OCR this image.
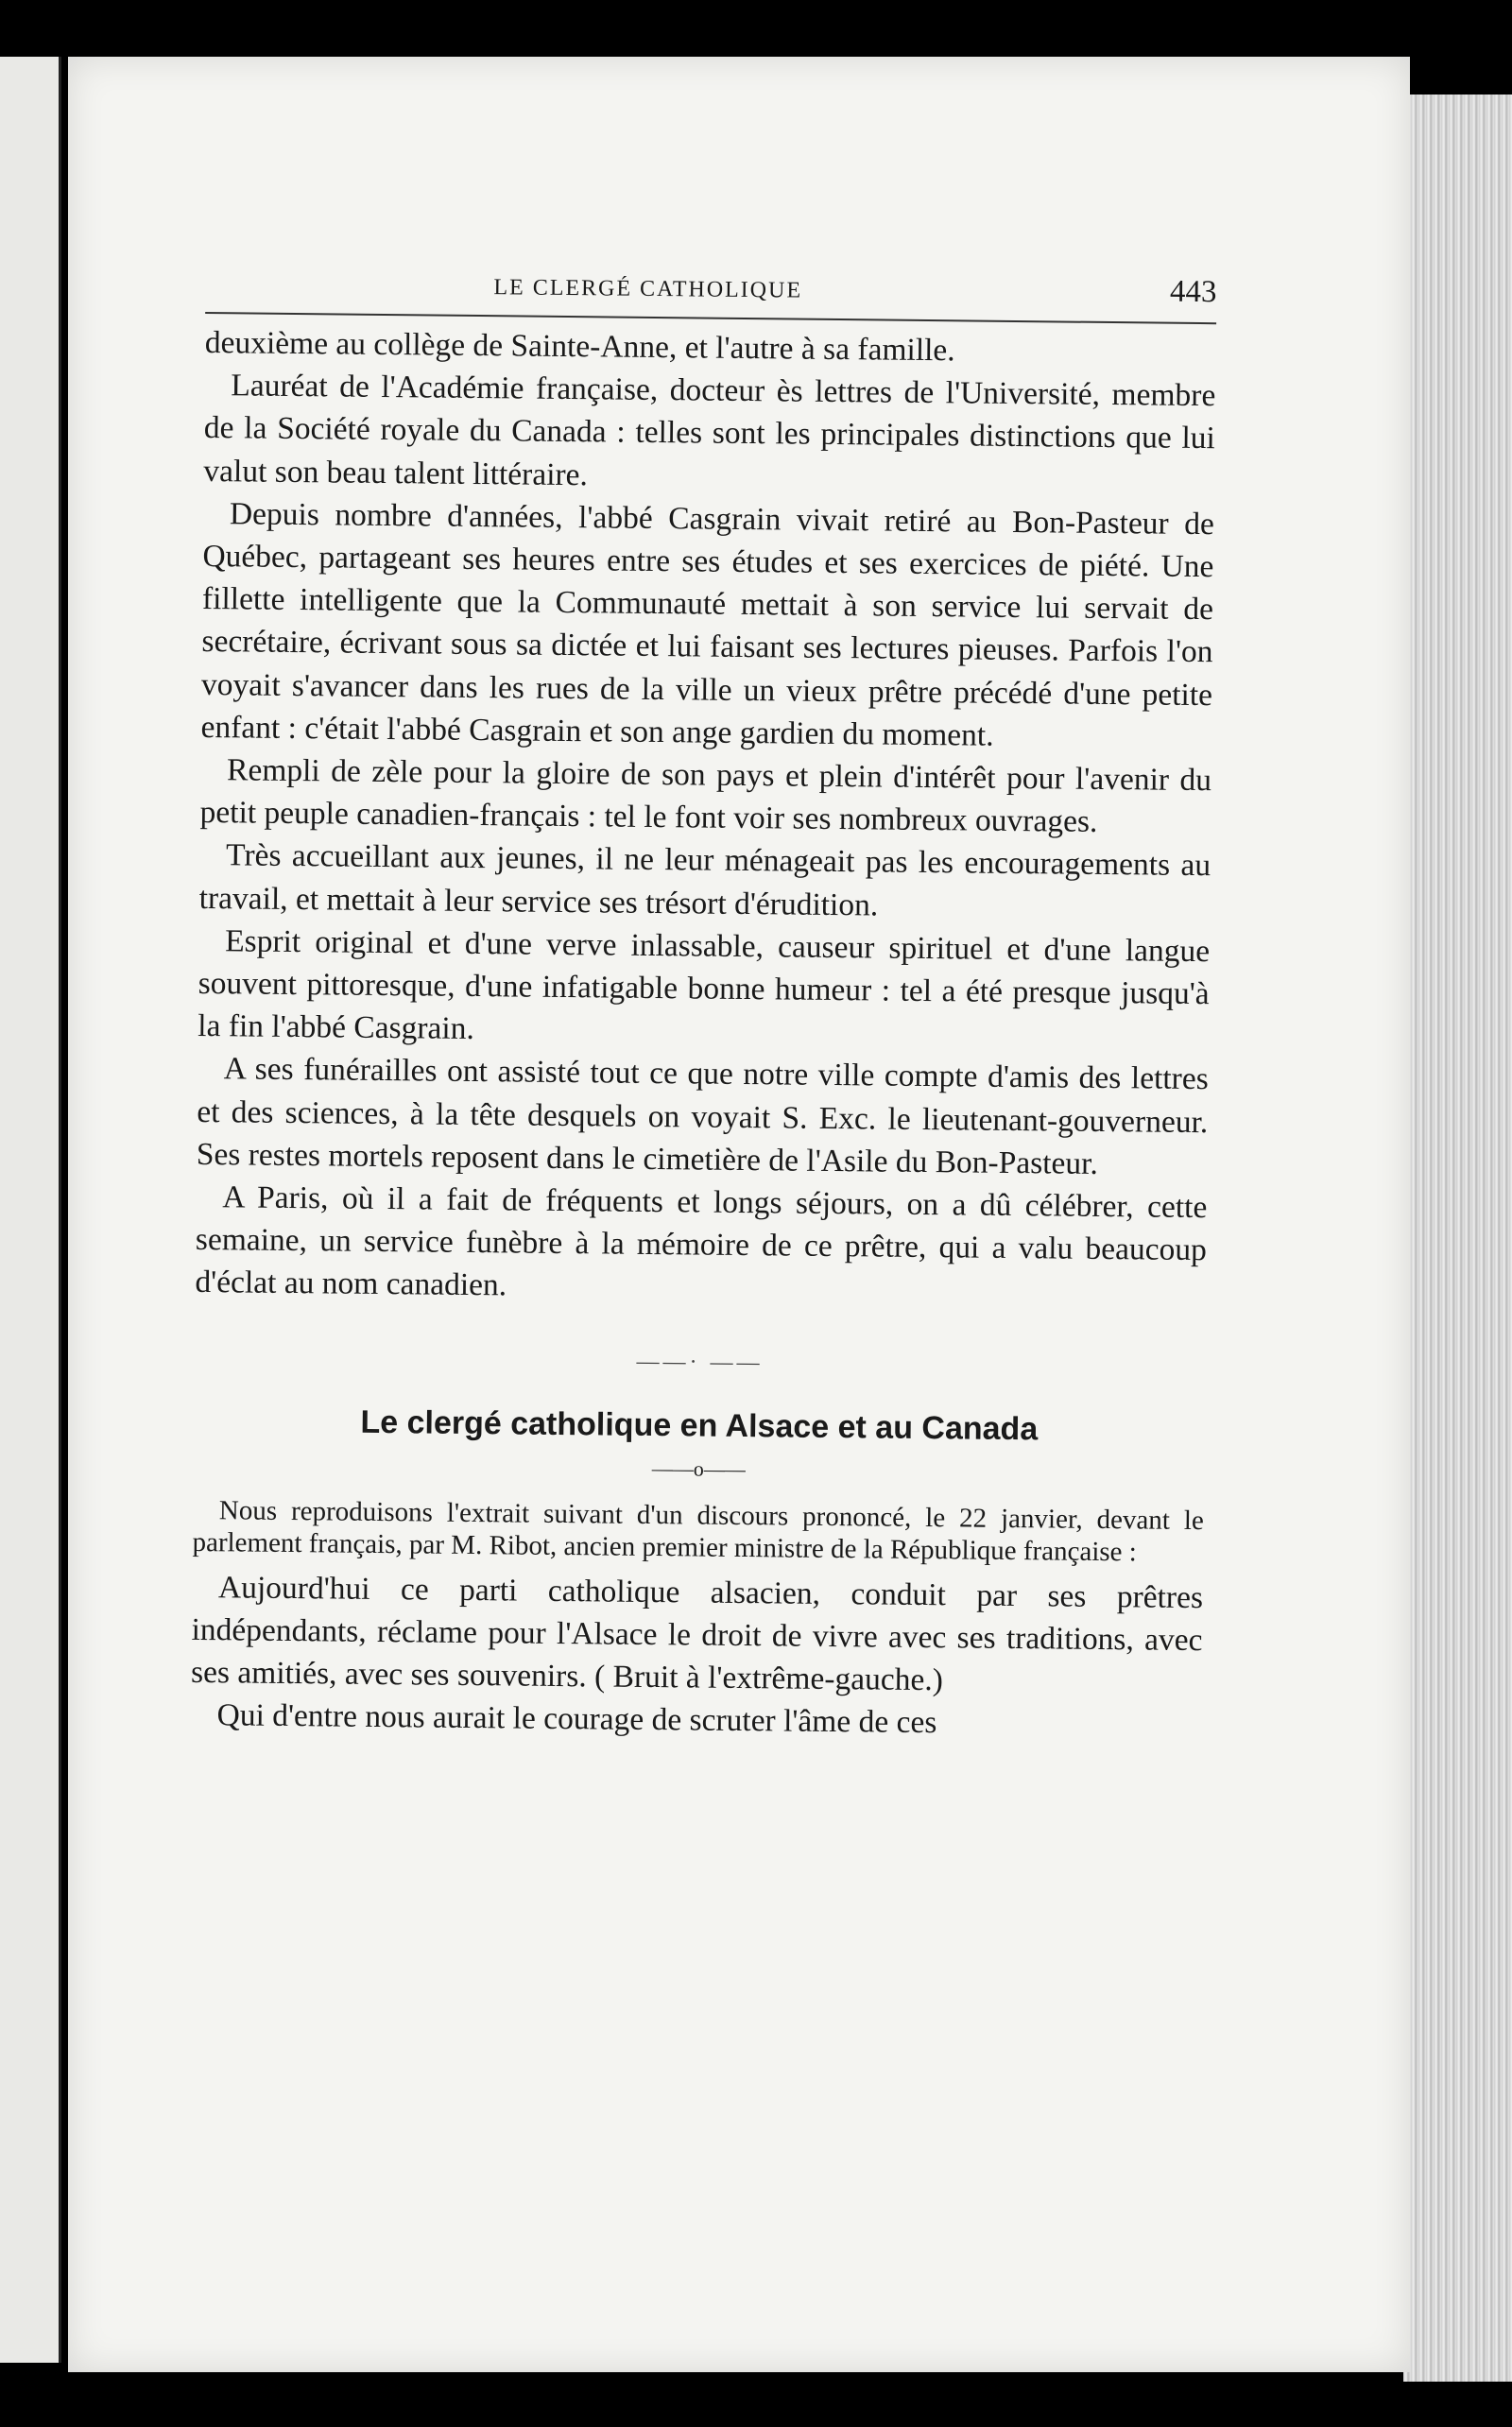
LE CLERGÉ CATHOLIQUE	443

deuxième au collège de Sainte-Anne, et l'autre à sa famille.

Lauréat de l'Académie française, docteur ès lettres de l'Université, membre de la Société royale du Canada : telles sont les principales distinctions que lui valut son beau talent littéraire.

Depuis nombre d'années, l'abbé Casgrain vivait retiré au Bon-Pasteur de Québec, partageant ses heures entre ses études et ses exercices de piété. Une fillette intelligente que la Communauté mettait à son service lui servait de secrétaire, écrivant sous sa dictée et lui faisant ses lectures pieuses. Parfois l'on voyait s'avancer dans les rues de la ville un vieux prêtre précédé d'une petite enfant : c'était l'abbé Casgrain et son ange gardien du moment.

Rempli de zèle pour la gloire de son pays et plein d'intérêt pour l'avenir du petit peuple canadien-français : tel le font voir ses nombreux ouvrages.

Très accueillant aux jeunes, il ne leur ménageait pas les encouragements au travail, et mettait à leur service ses trésort d'érudition.

Esprit original et d'une verve inlassable, causeur spirituel et d'une langue souvent pittoresque, d'une infatigable bonne humeur : tel a été presque jusqu'à la fin l'abbé Casgrain.

A ses funérailles ont assisté tout ce que notre ville compte d'amis des lettres et des sciences, à la tête desquels on voyait S. Exc. le lieutenant-gouverneur. Ses restes mortels reposent dans le cimetière de l'Asile du Bon-Pasteur.

A Paris, où il a fait de fréquents et longs séjours, on a dû célébrer, cette semaine, un service funèbre à la mémoire de ce prêtre, qui a valu beaucoup d'éclat au nom canadien.

——· ——
Le clergé catholique en Alsace et au Canada
——o——

Nous reproduisons l'extrait suivant d'un discours prononcé, le 22 janvier, devant le parlement français, par M. Ribot, ancien premier ministre de la République française :

Aujourd'hui ce parti catholique alsacien, conduit par ses prêtres indépendants, réclame pour l'Alsace le droit de vivre avec ses traditions, avec ses amitiés, avec ses souvenirs. ( Bruit à l'extrême-gauche.)

Qui d'entre nous aurait le courage de scruter l'âme de ces
